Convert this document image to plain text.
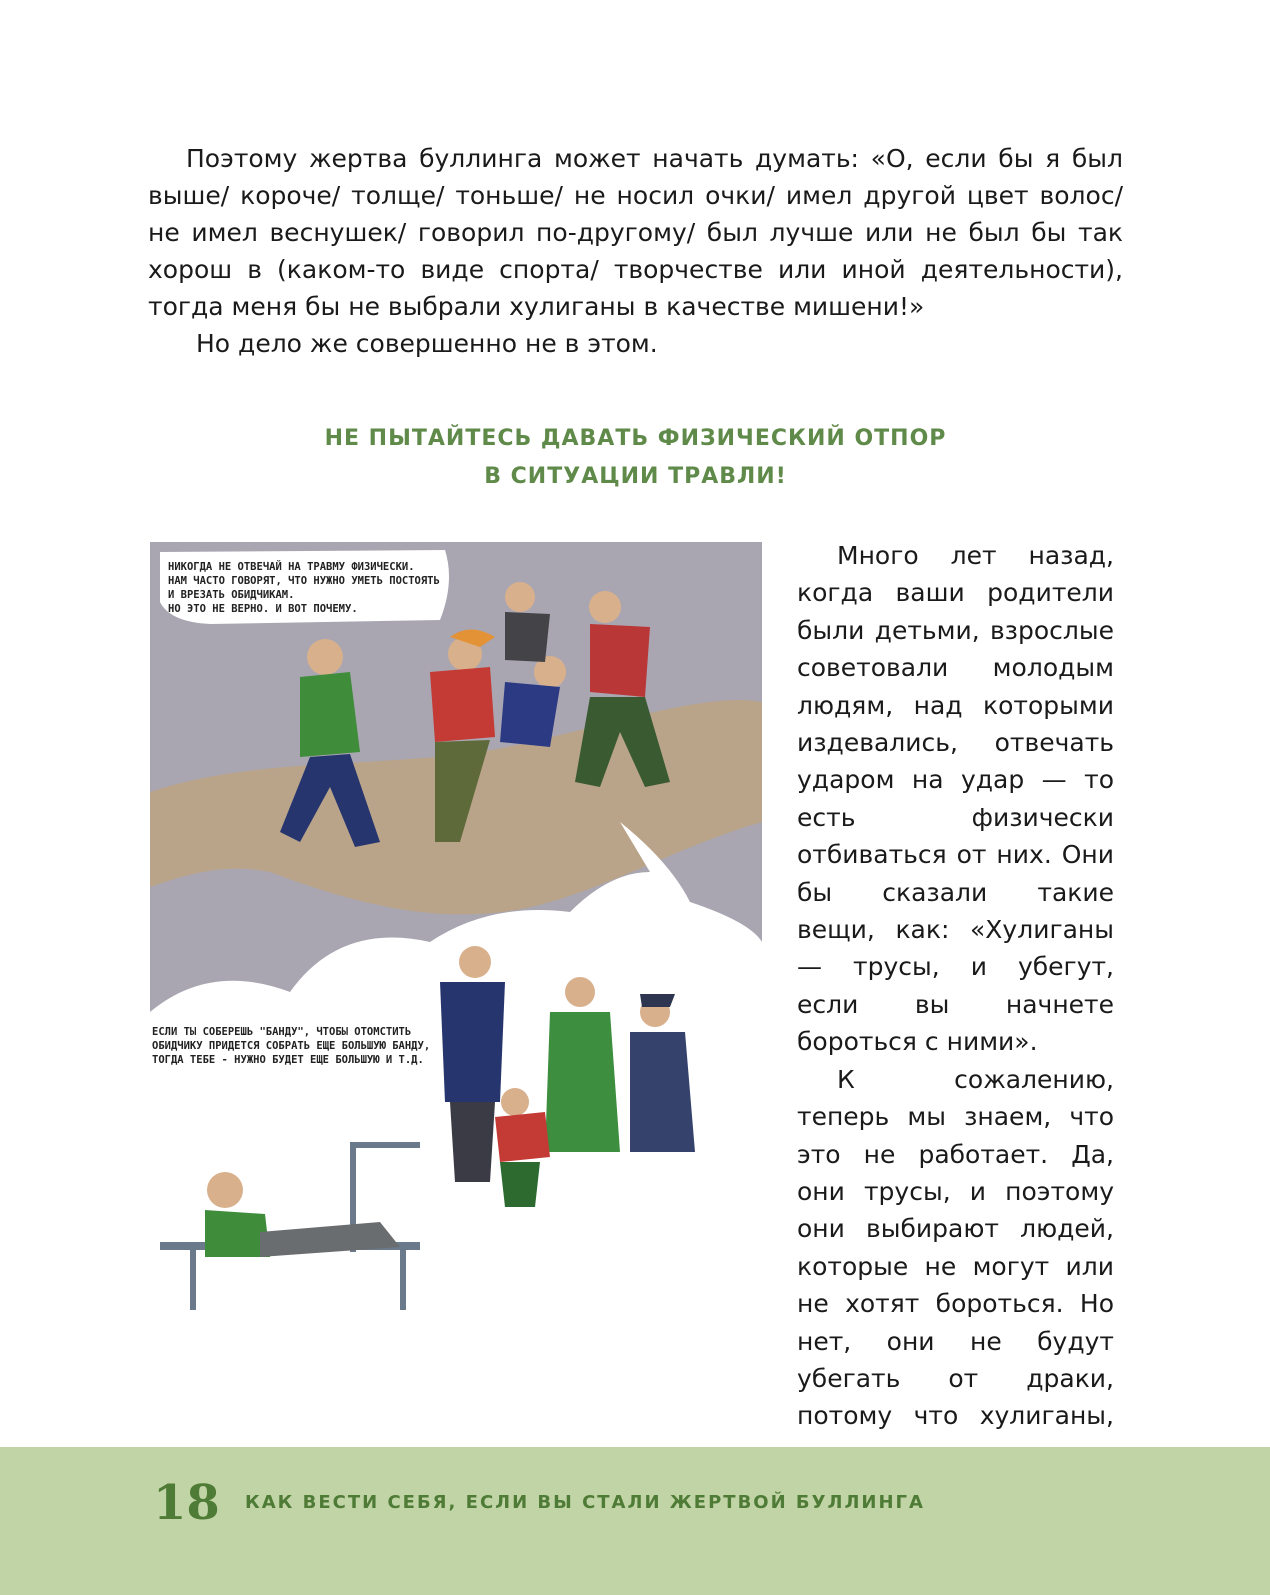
Поэтому жертва буллинга может начать думать: «О, если бы я был выше/ короче/ толще/ тоньше/ не носил очки/ имел другой цвет волос/ не имел веснушек/ говорил по-другому/ был лучше или не был бы так хорош в (каком-то виде спорта/ творчестве или иной деятельности), тогда меня бы не выбрали хулиганы в качестве мишени!»

Но дело же совершенно не в этом.

НЕ ПЫТАЙТЕСЬ ДАВАТЬ ФИЗИЧЕСКИЙ ОТПОР
В СИТУАЦИИ ТРАВЛИ!
НИКОГДА НЕ ОТВЕЧАЙ НА ТРАВМУ ФИЗИЧЕСКИ.
НАМ ЧАСТО ГОВОРЯТ, ЧТО НУЖНО УМЕТЬ ПОСТОЯТЬ
И ВРЕЗАТЬ ОБИДЧИКАМ.
НО ЭТО НЕ ВЕРНО. И ВОТ ПОЧЕМУ.
ЕСЛИ ТЫ СОБЕРЕШЬ "БАНДУ", ЧТОБЫ ОТОМСТИТЬ
ОБИДЧИКУ ПРИДЕТСЯ СОБРАТЬ ЕЩЕ БОЛЬШУЮ БАНДУ,
ТОГДА ТЕБЕ - НУЖНО БУДЕТ ЕЩЕ БОЛЬШУЮ И Т.Д.

Много лет назад, когда ваши родители были детьми, взрослые советовали молодым людям, над которыми издевались, отвечать ударом на удар — то есть физически отбиваться от них. Они бы сказали такие вещи, как: «Хулиганы — трусы, и убегут, если вы начнете бороться с ними».

К сожалению, теперь мы знаем, что это не работает. Да, они трусы, и поэтому они выбирают людей, которые не могут или не хотят бороться. Но нет, они не будут убегать от драки, потому что хулиганы,

18 КАК ВЕСТИ СЕБЯ, ЕСЛИ ВЫ СТАЛИ ЖЕРТВОЙ БУЛЛИНГА
